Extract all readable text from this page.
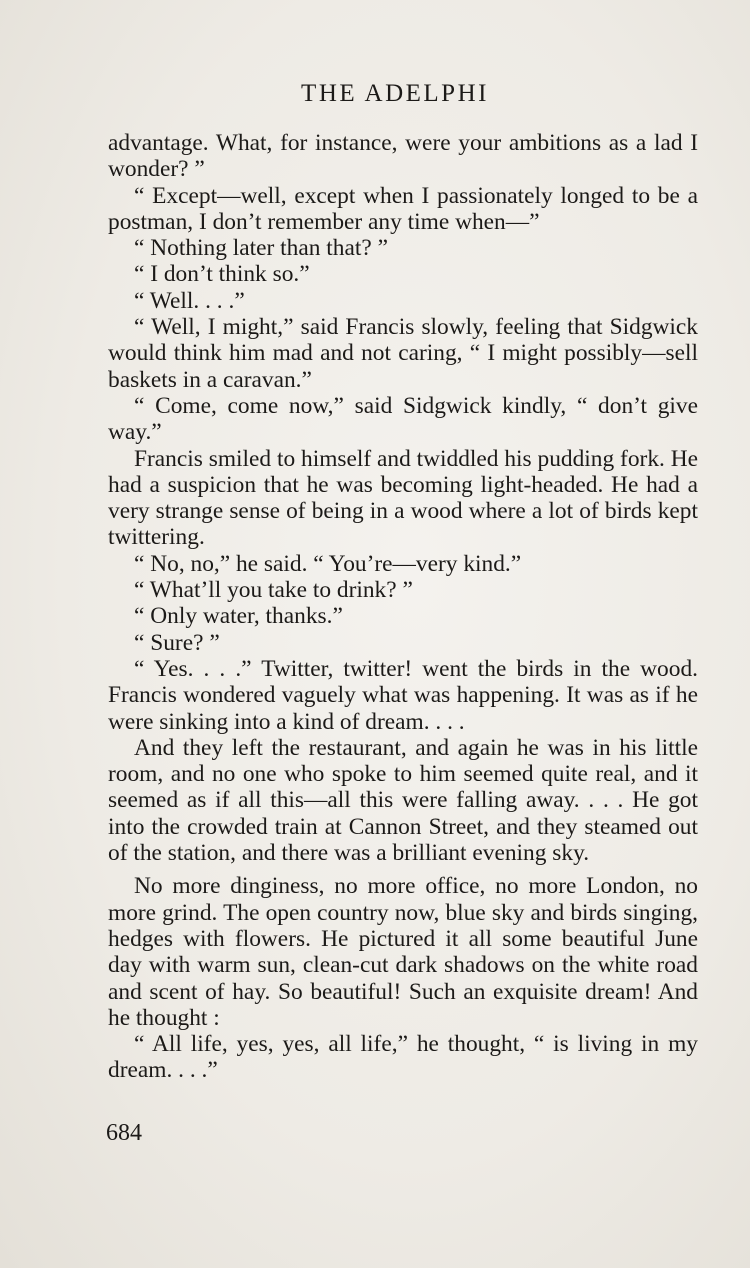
THE ADELPHI

advantage. What, for instance, were your ambitions as a lad I wonder? ”

“ Except—well, except when I passionately longed to be a postman, I don’t remember any time when—”

“ Nothing later than that? ”

“ I don’t think so.”

“ Well. . . .”

“ Well, I might,” said Francis slowly, feeling that Sidgwick would think him mad and not caring, “ I might possibly—sell baskets in a caravan.”

“ Come, come now,” said Sidgwick kindly, “ don’t give way.”

Francis smiled to himself and twiddled his pudding fork. He had a suspicion that he was becoming light-headed. He had a very strange sense of being in a wood where a lot of birds kept twittering.

“ No, no,” he said. “ You’re—very kind.”

“ What’ll you take to drink? ”

“ Only water, thanks.”

“ Sure? ”

“ Yes. . . .” Twitter, twitter! went the birds in the wood. Francis wondered vaguely what was happening. It was as if he were sinking into a kind of dream. . . .

And they left the restaurant, and again he was in his little room, and no one who spoke to him seemed quite real, and it seemed as if all this—all this were falling away. . . . He got into the crowded train at Cannon Street, and they steamed out of the station, and there was a brilliant evening sky.

No more dinginess, no more office, no more London, no more grind. The open country now, blue sky and birds singing, hedges with flowers. He pictured it all some beautiful June day with warm sun, clean-cut dark shadows on the white road and scent of hay. So beautiful! Such an exquisite dream! And he thought :

“ All life, yes, yes, all life,” he thought, “ is living in my dream. . . .”

684
